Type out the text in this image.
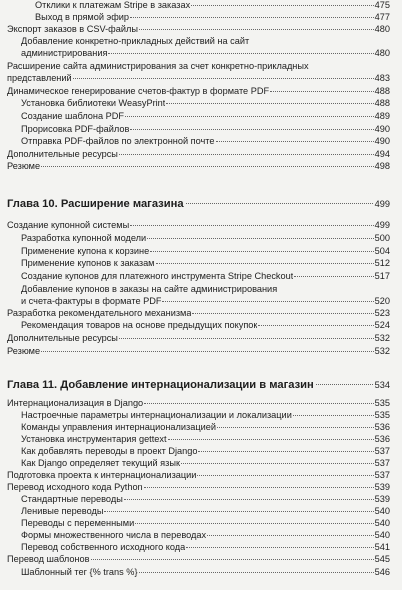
Отклики к платежам Stripe в заказах	475
Выход в прямой эфир	477
Экспорт заказов в CSV-файлы	480
Добавление конкретно-прикладных действий на сайт
администрирования	480
Расширение сайта администрирования за счет конкретно-прикладных
представлений	483
Динамическое генерирование счетов-фактур в формате PDF	488
Установка библиотеки WeasyPrint	488
Создание шаблона PDF	489
Прорисовка PDF-файлов	490
Отправка PDF-файлов по электронной почте	490
Дополнительные ресурсы	494
Резюме	498
Глава 10. Расширение магазина	499
Создание купонной системы	499
Разработка купонной модели	500
Применение купона к корзине	504
Применение купонов к заказам	512
Создание купонов для платежного инструмента Stripe Checkout	517
Добавление купонов в заказы на сайте администрирования
и счета-фактуры в формате PDF	520
Разработка рекомендательного механизма	523
Рекомендация товаров на основе предыдущих покупок	524
Дополнительные ресурсы	532
Резюме	532
Глава 11. Добавление интернационализации в магазин	534
Интернационализация в Django	535
Настроечные параметры интернационализации и локализации	535
Команды управления интернационализацией	536
Установка инструментария gettext	536
Как добавлять переводы в проект Django	537
Как Django определяет текущий язык	537
Подготовка проекта к интернационализации	537
Перевод исходного кода Python	539
Стандартные переводы	539
Ленивые переводы	540
Переводы с переменными	540
Формы множественного числа в переводах	540
Перевод собственного исходного кода	541
Перевод шаблонов	545
Шаблонный тег {% trans %}	546
